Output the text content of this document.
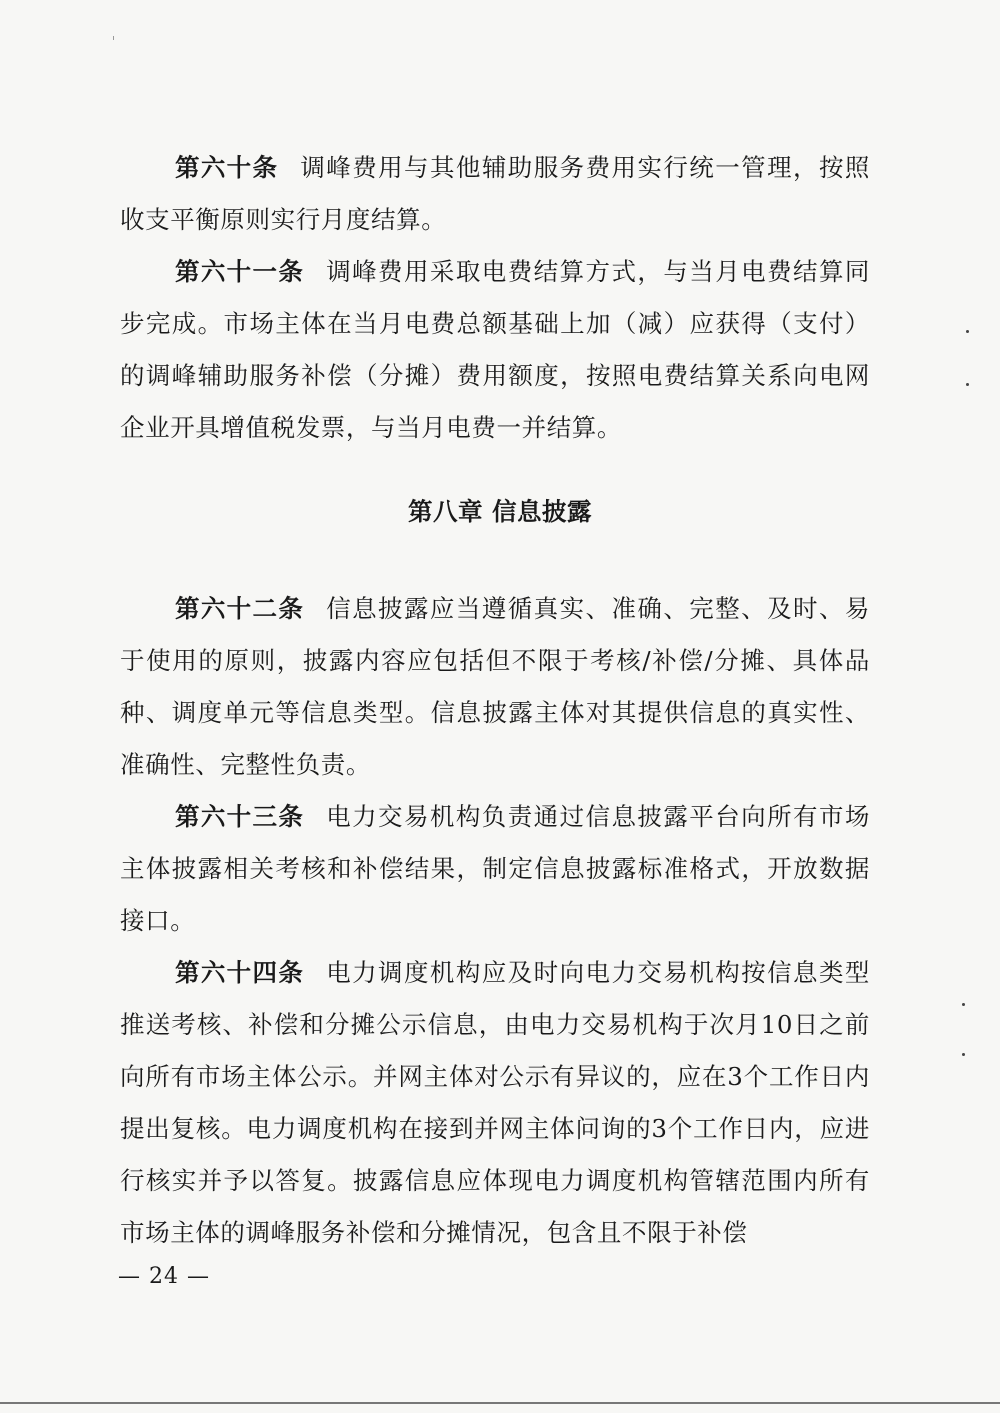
第六十条 调峰费用与其他辅助服务费用实行统一管理，按照收支平衡原则实行月度结算。

第六十一条 调峰费用采取电费结算方式，与当月电费结算同步完成。市场主体在当月电费总额基础上加（减）应获得（支付）的调峰辅助服务补偿（分摊）费用额度，按照电费结算关系向电网企业开具增值税发票，与当月电费一并结算。

第八章 信息披露

第六十二条 信息披露应当遵循真实、准确、完整、及时、易于使用的原则，披露内容应包括但不限于考核/补偿/分摊、具体品种、调度单元等信息类型。信息披露主体对其提供信息的真实性、准确性、完整性负责。

第六十三条 电力交易机构负责通过信息披露平台向所有市场主体披露相关考核和补偿结果，制定信息披露标准格式，开放数据接口。

第六十四条 电力调度机构应及时向电力交易机构按信息类型推送考核、补偿和分摊公示信息，由电力交易机构于次月10日之前向所有市场主体公示。并网主体对公示有异议的，应在3个工作日内提出复核。电力调度机构在接到并网主体问询的3个工作日内，应进行核实并予以答复。披露信息应体现电力调度机构管辖范围内所有市场主体的调峰服务补偿和分摊情况，包含且不限于补偿

— 24 —
